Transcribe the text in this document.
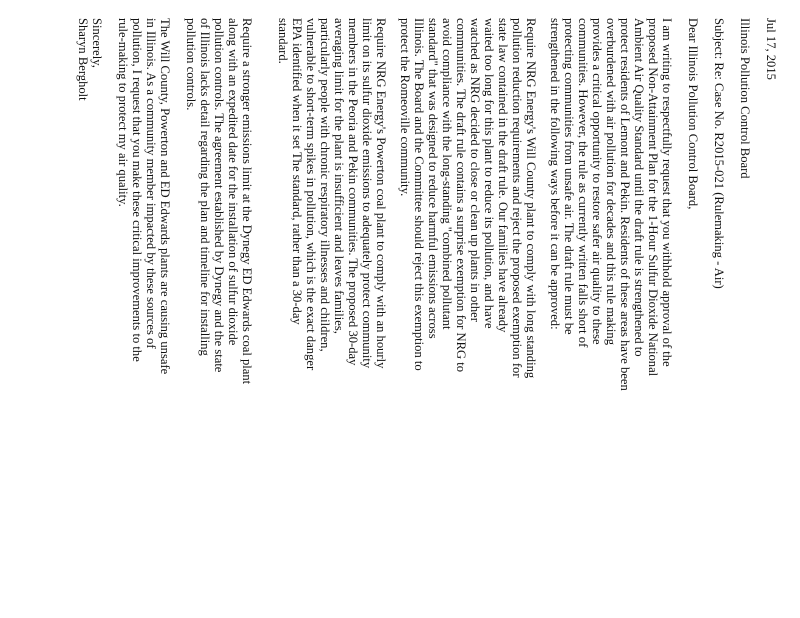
Jul 17, 2015
Illinois Pollution Control Board
Subject: Re: Case No. R2015-021 (Rulemaking - Air)
Dear Illinois Pollution Control Board,
I am writing to respectfully request that you withhold approval of the
proposed Non-Attainment Plan for the 1-Hour Sulfur Dioxide National
Ambient Air Quality Standard until the draft rule is strengthened to
protect residents of Lemont and Pekin. Residents of these areas have been
overburdened with air pollution for decades and this rule making
provides a critical opportunity to restore safer air quality to these
communities. However, the rule as currently written falls short of
protecting communities from unsafe air. The draft rule must be
strengthened in the following ways before it can be approved:
Require NRG Energy's Will County plant to comply with long standing
pollution reduction requirements and reject the proposed exemption for
state law contained in the draft rule. Our families have already
waited too long for this plant to reduce its pollution, and have
watched as NRG decided to close or clean up plants in other
communities. The draft rule contains a surprise exemption for NRG to
avoid compliance with the long-standing "combined pollutant
standard" that was designed to reduce harmful emissions across
Illinois. The Board and the Committee should reject this exemption to
protect the Romeoville community.
Require NRG Energy's Powerton coal plant to comply with an hourly
limit on its sulfur dioxide emissions to adequately protect community
members in the Peoria and Pekin communities. The proposed 30-day
averaging limit for the plant is insufficient and leaves families,
particularly people with chronic respiratory illnesses and children,
vulnerable to short-term spikes in pollution, which is the exact danger
EPA identified when it set The standard, rather than a 30-day
standard.
Require a stronger emissions limit at the Dynegy ED Edwards coal plant
along with an expedited date for the installation of sulfur dioxide
pollution controls. The agreement established by Dynegy and the state
of Illinois lacks detail regarding the plan and timeline for installing
pollution controls.
The Will County, Powerton and ED Edwards plants are causing unsafe
in Illinois. As a community member impacted by these sources of
pollution, I request that you make these critical improvements to the
rule-making to protect my air quality.
Sincerely,
Sharyn Bergholt
